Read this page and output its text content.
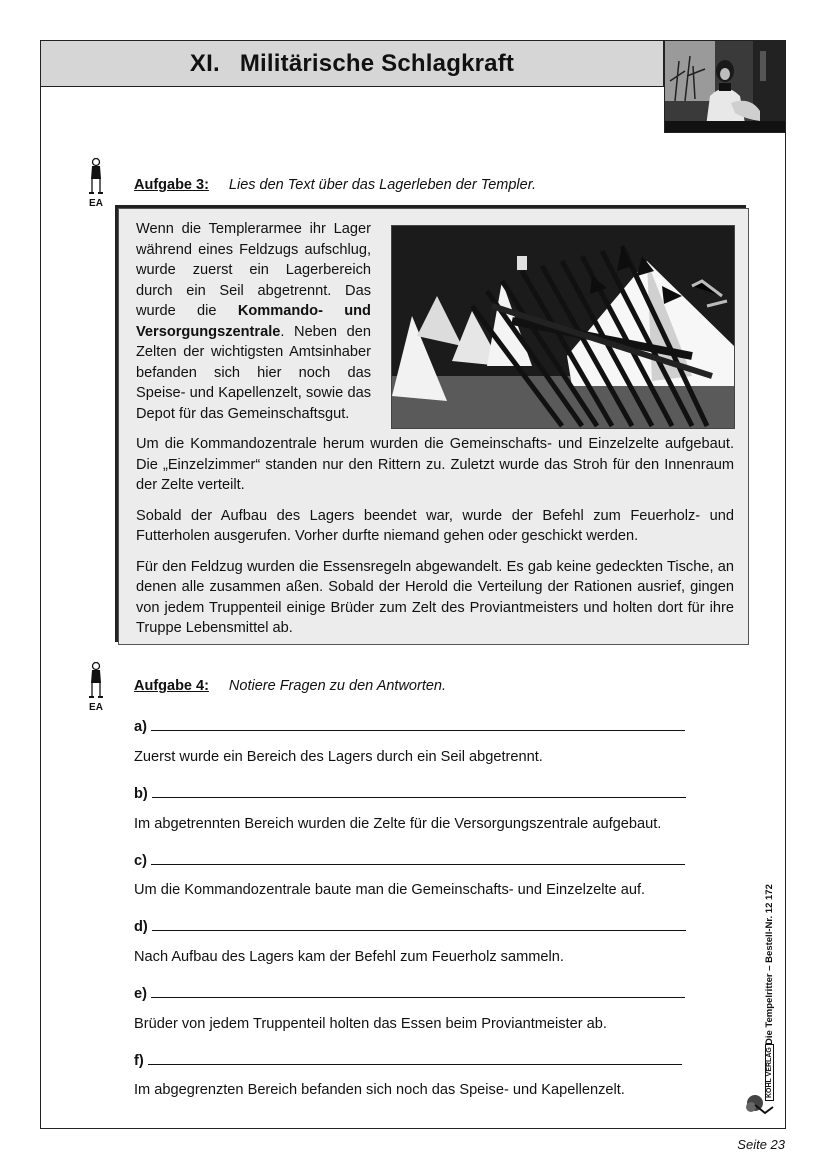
XI. Militärische Schlagkraft
EA
Aufgabe 3: Lies den Text über das Lagerleben der Templer.

Wenn die Templerarmee ihr Lager während eines Feldzugs aufschlug, wurde zuerst ein Lagerbereich durch ein Seil abgetrennt. Das wurde die Kommando- und Versorgungszentrale. Neben den Zelten der wichtigsten Amtsinhaber befanden sich hier noch das Speise- und Kapellenzelt, sowie das Depot für das Gemeinschaftsgut.

Um die Kommandozentrale herum wurden die Gemeinschafts- und Einzelzelte aufgebaut. Die „Einzelzimmer“ standen nur den Rittern zu. Zuletzt wurde das Stroh für den Innenraum der Zelte verteilt.

Sobald der Aufbau des Lagers beendet war, wurde der Befehl zum Feuerholz- und Futterholen ausgerufen. Vorher durfte niemand gehen oder geschickt werden.

Für den Feldzug wurden die Essensregeln abgewandelt. Es gab keine gedeckten Tische, an denen alle zusammen aßen. Sobald der Herold die Verteilung der Rationen ausrief, gingen von jedem Truppenteil einige Brüder zum Zelt des Proviantmeisters und holten dort für ihre Truppe Lebensmittel ab.

EA
Aufgabe 4: Notiere Fragen zu den Antworten.
a)
Zuerst wurde ein Bereich des Lagers durch ein Seil abgetrennt.
b)
Im abgetrennten Bereich wurden die Zelte für die Versorgungszentrale aufgebaut.
c)
Um die Kommandozentrale baute man die Gemeinschafts- und Einzelzelte auf.
d)
Nach Aufbau des Lagers kam der Befehl zum Feuerholz sammeln.
e)
Brüder von jedem Truppenteil holten das Essen beim Proviantmeister ab.
f)
Im abgegrenzten Bereich befanden sich noch das Speise- und Kapellenzelt.
Die Tempelritter – Bestell-Nr. 12 172
KOHL VERLAG
Seite 23
